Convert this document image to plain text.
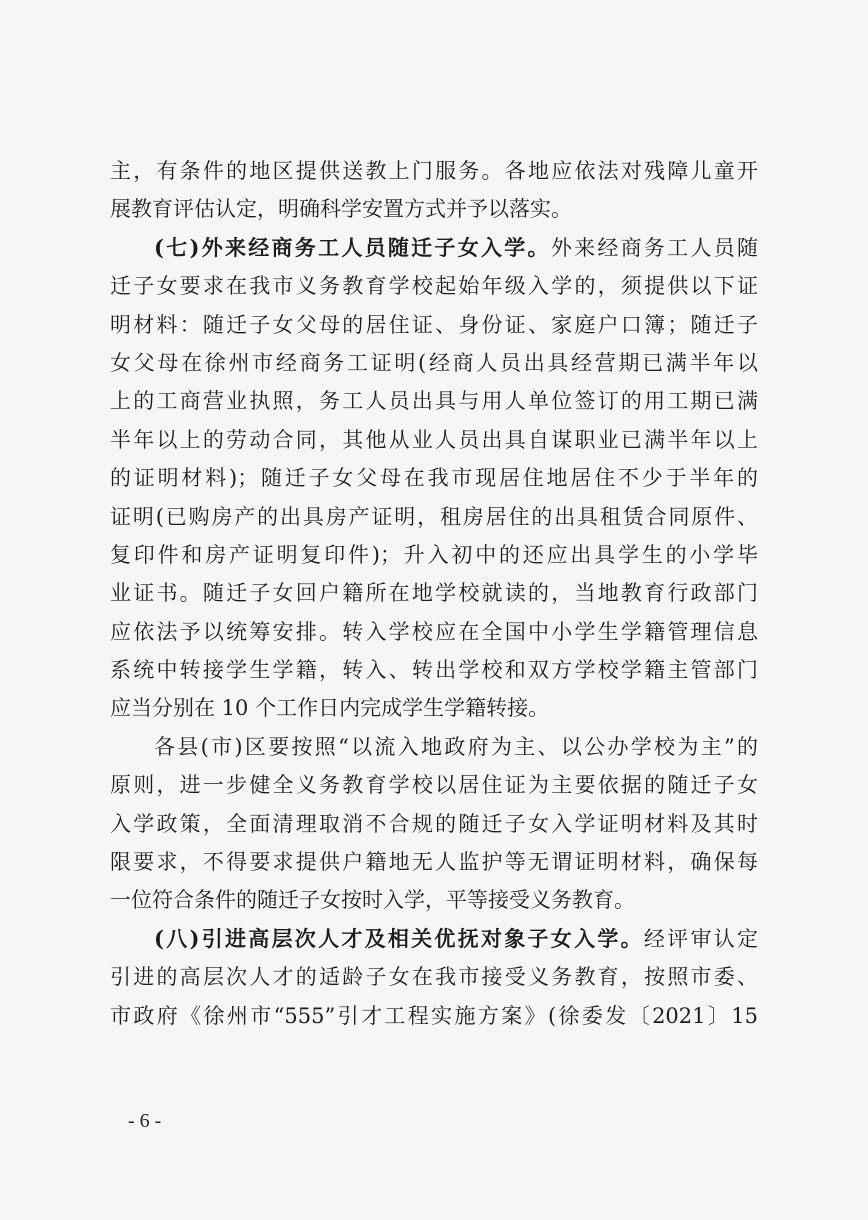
主，有条件的地区提供送教上门服务。各地应依法对残障儿童开
展教育评估认定，明确科学安置方式并予以落实。
(七)外来经商务工人员随迁子女入学。外来经商务工人员随
迁子女要求在我市义务教育学校起始年级入学的，须提供以下证
明材料：随迁子女父母的居住证、身份证、家庭户口簿；随迁子
女父母在徐州市经商务工证明(经商人员出具经营期已满半年以
上的工商营业执照，务工人员出具与用人单位签订的用工期已满
半年以上的劳动合同，其他从业人员出具自谋职业已满半年以上
的证明材料)；随迁子女父母在我市现居住地居住不少于半年的
证明(已购房产的出具房产证明，租房居住的出具租赁合同原件、
复印件和房产证明复印件)；升入初中的还应出具学生的小学毕
业证书。随迁子女回户籍所在地学校就读的，当地教育行政部门
应依法予以统筹安排。转入学校应在全国中小学生学籍管理信息
系统中转接学生学籍，转入、转出学校和双方学校学籍主管部门
应当分别在 10 个工作日内完成学生学籍转接。
各县(市)区要按照“以流入地政府为主、以公办学校为主”的
原则，进一步健全义务教育学校以居住证为主要依据的随迁子女
入学政策，全面清理取消不合规的随迁子女入学证明材料及其时
限要求，不得要求提供户籍地无人监护等无谓证明材料，确保每
一位符合条件的随迁子女按时入学，平等接受义务教育。
(八)引进高层次人才及相关优抚对象子女入学。经评审认定
引进的高层次人才的适龄子女在我市接受义务教育，按照市委、
市政府《徐州市“555”引才工程实施方案》(徐委发〔2021〕15
- 6 -
